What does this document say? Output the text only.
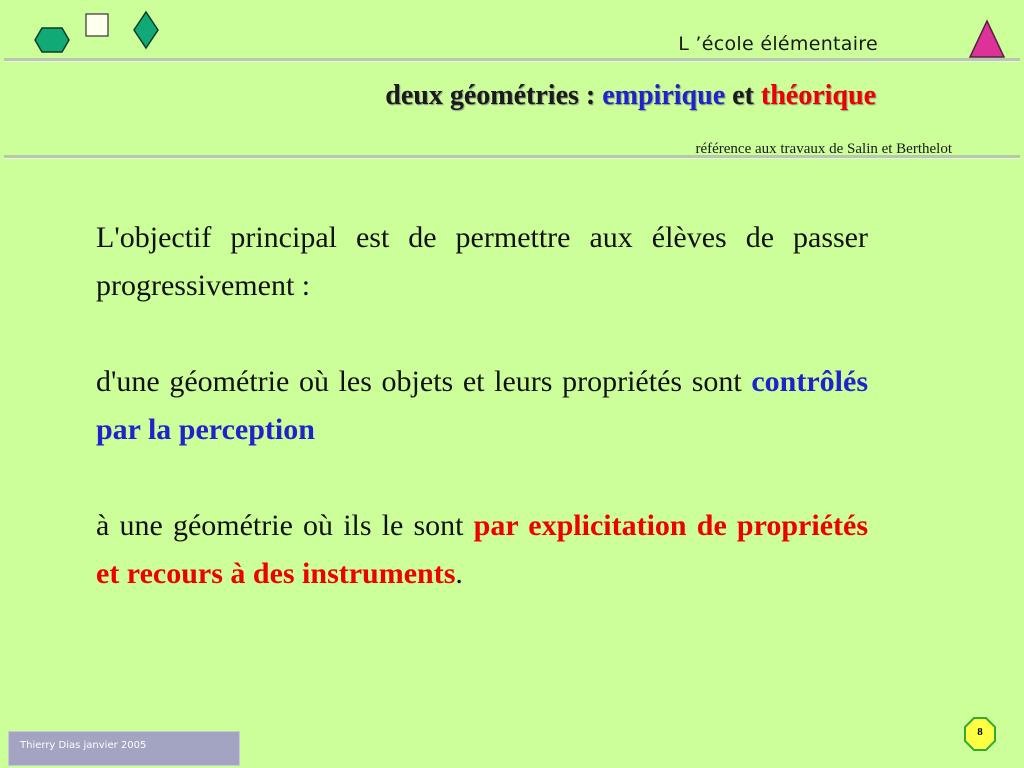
L ’école élémentaire
deux géométries : empirique et théorique
référence aux travaux de Salin et Berthelot

L'objectif principal est de permettre aux élèves de passer progressivement :

d'une géométrie où les objets et leurs propriétés sont contrôlés par la perception

à une géométrie où ils le sont par explicitation de propriétés et recours à des instruments.

Thierry Dias janvier 2005
8
